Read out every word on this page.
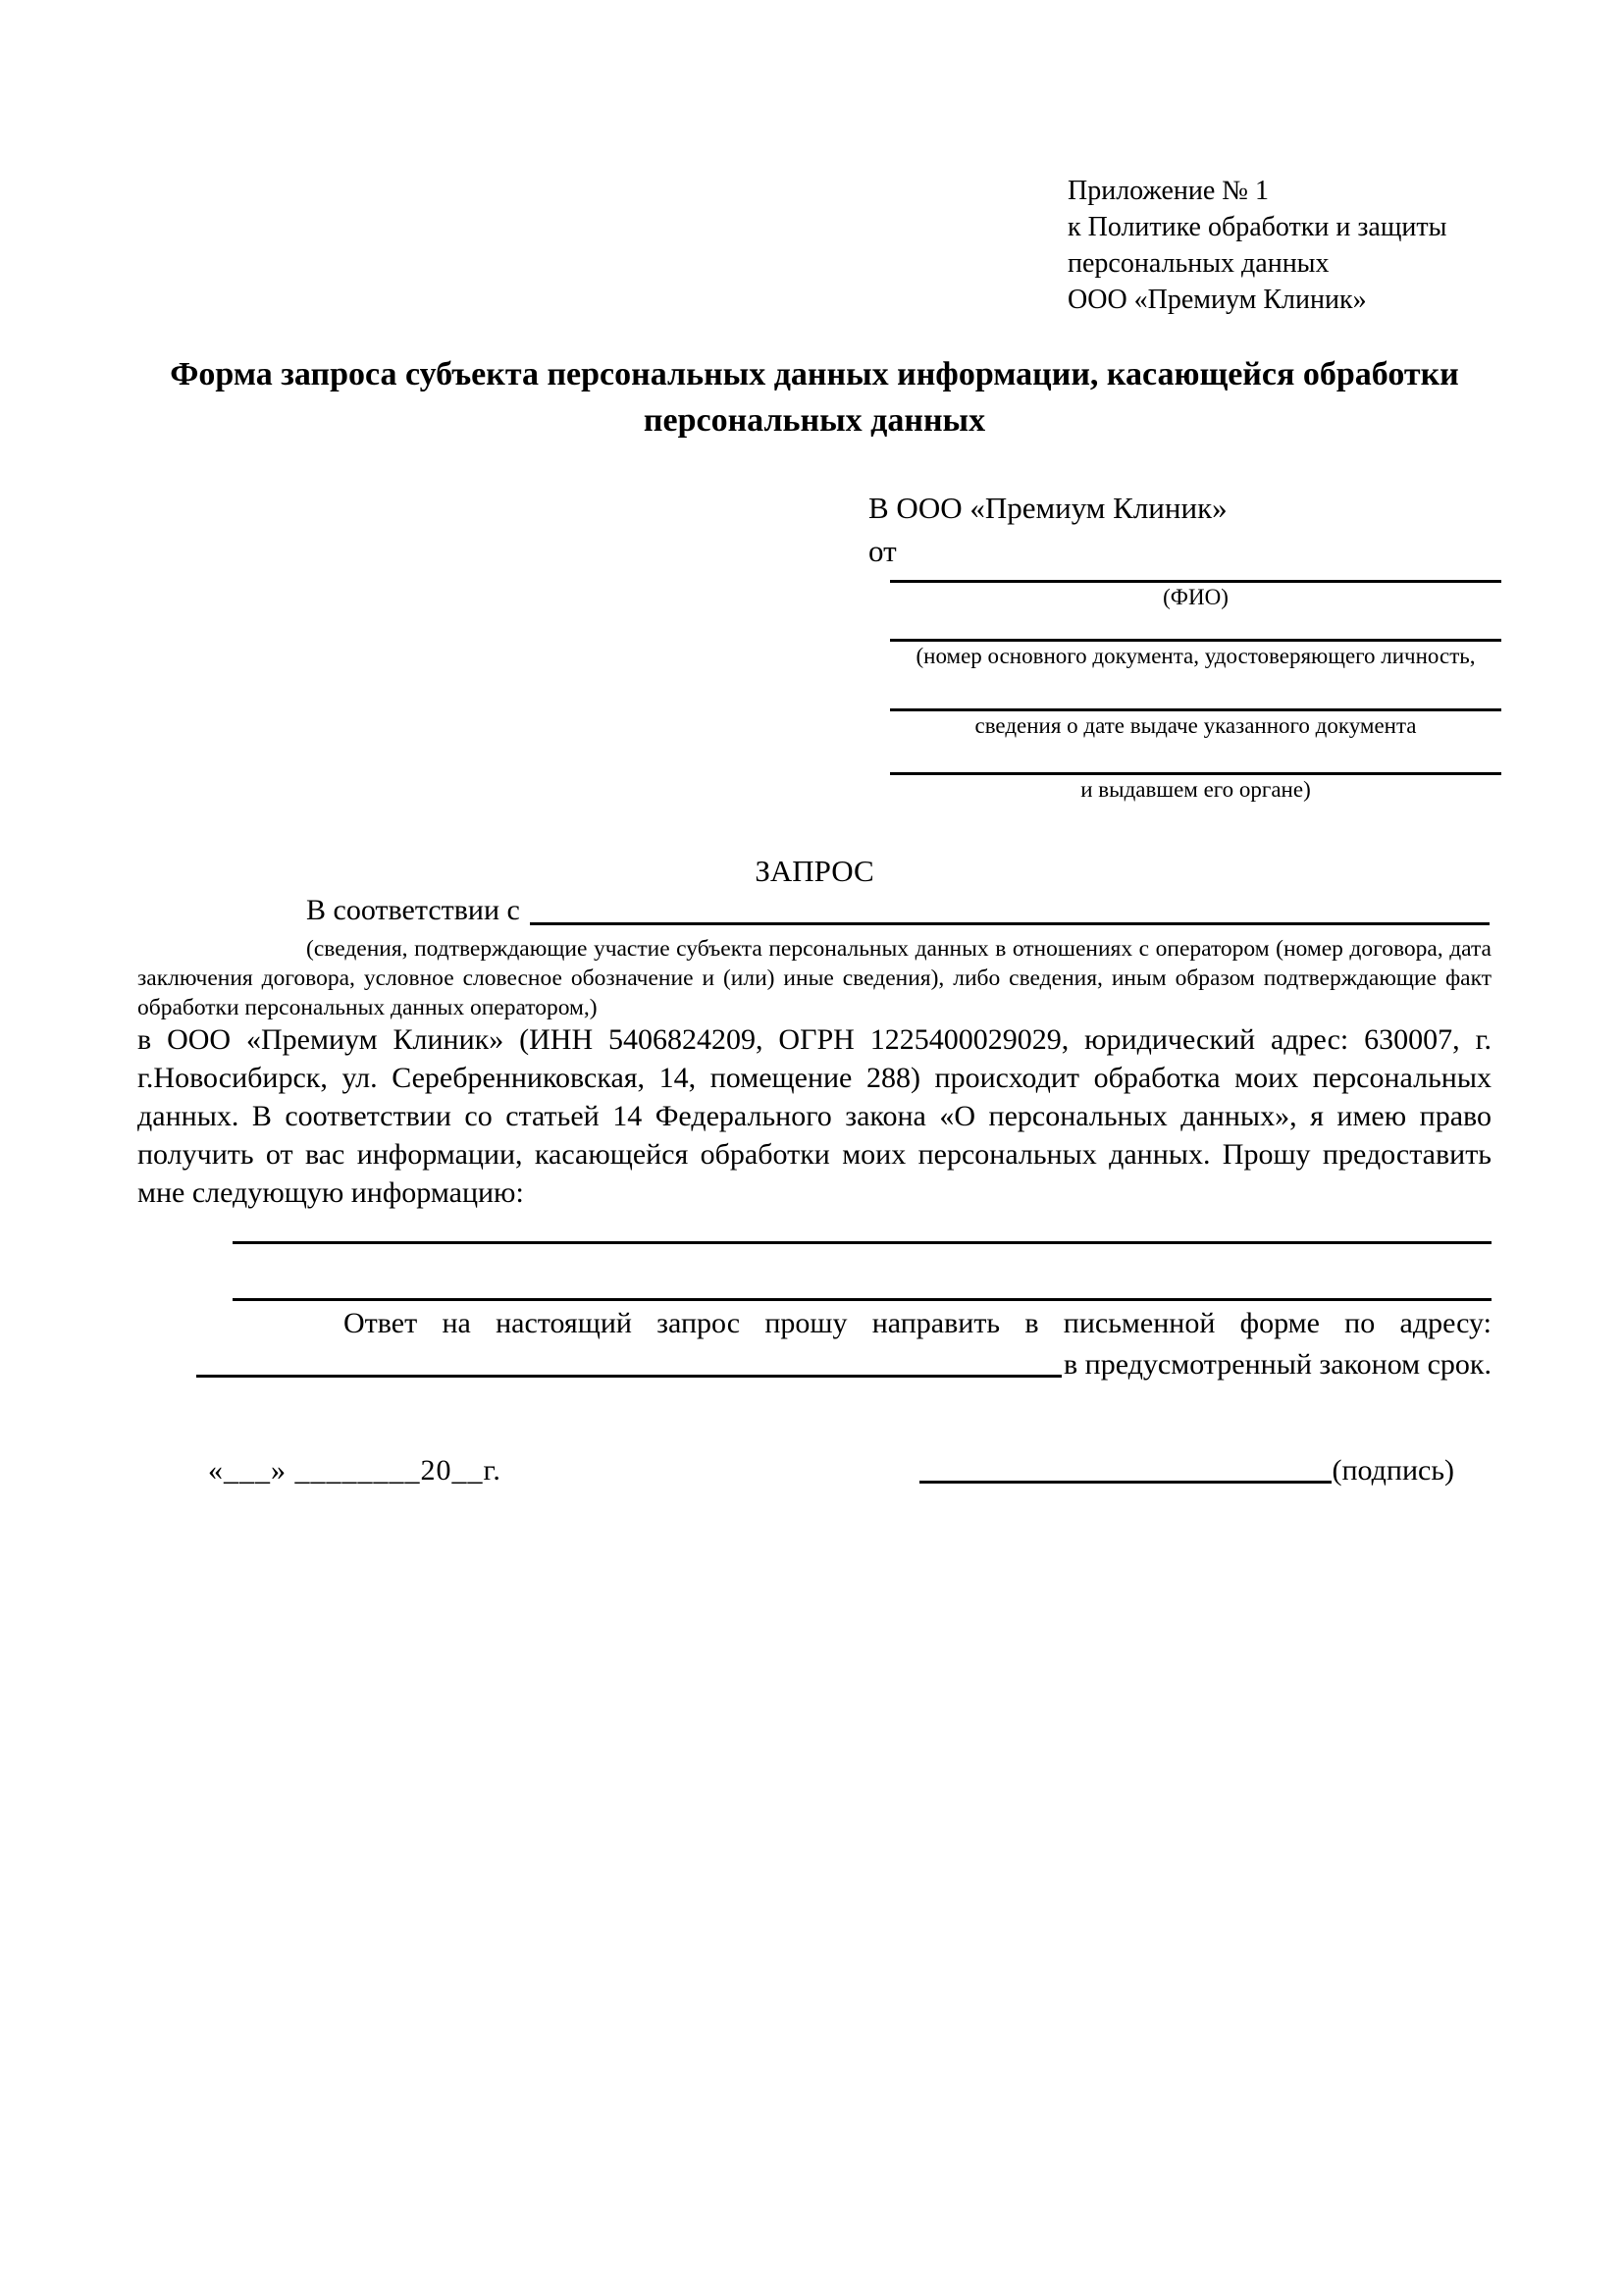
Приложение № 1
к Политике обработки и защиты
персональных данных
ООО «Премиум Клиник»
Форма запроса субъекта персональных данных информации, касающейся обработки персональных данных
В ООО «Премиум Клиник»
от
(ФИО)
(номер основного документа, удостоверяющего личность,
сведения о дате выдаче указанного документа
и выдавшем его органе)
ЗАПРОС
В соответствии с
(сведения, подтверждающие участие субъекта персональных данных в отношениях с оператором (номер договора, дата заключения договора, условное словесное обозначение и (или) иные сведения), либо сведения, иным образом подтверждающие факт обработки персональных данных оператором,)
в ООО «Премиум Клиник» (ИНН 5406824209, ОГРН 1225400029029, юридический адрес: 630007, г. г.Новосибирск, ул. Серебренниковская, 14, помещение 288) происходит обработка моих персональных данных. В соответствии со статьей 14 Федерального закона «О персональных данных», я имею право получить от вас информации, касающейся обработки моих персональных данных. Прошу предоставить мне следующую информацию:
Ответ на настоящий запрос прошу направить в письменной форме по адресу:
в предусмотренный законом срок.
«___» ________20__г.	(подпись)
